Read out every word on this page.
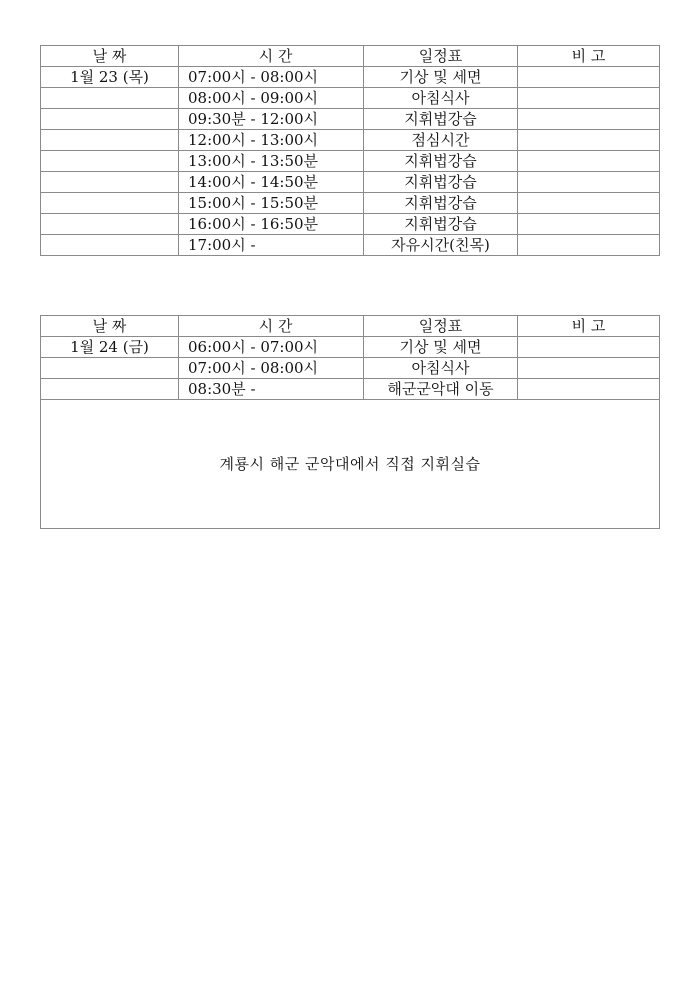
날 짜	시 간	일정표	비 고
1월 23 (목)	07:00시 - 08:00시	기상 및 세면	
	08:00시 - 09:00시	아침식사	
	09:30분 - 12:00시	지휘법강습	
	12:00시 - 13:00시	점심시간	
	13:00시 - 13:50분	지휘법강습	
	14:00시 - 14:50분	지휘법강습	
	15:00시 - 15:50분	지휘법강습	
	16:00시 - 16:50분	지휘법강습	
	17:00시 -	자유시간(친목)	
날 짜	시 간	일정표	비 고
1월 24 (금)	06:00시 - 07:00시	기상 및 세면	
	07:00시 - 08:00시	아침식사	
	08:30분 -	해군군악대 이동	
계룡시 해군 군악대에서 직접 지휘실습			
